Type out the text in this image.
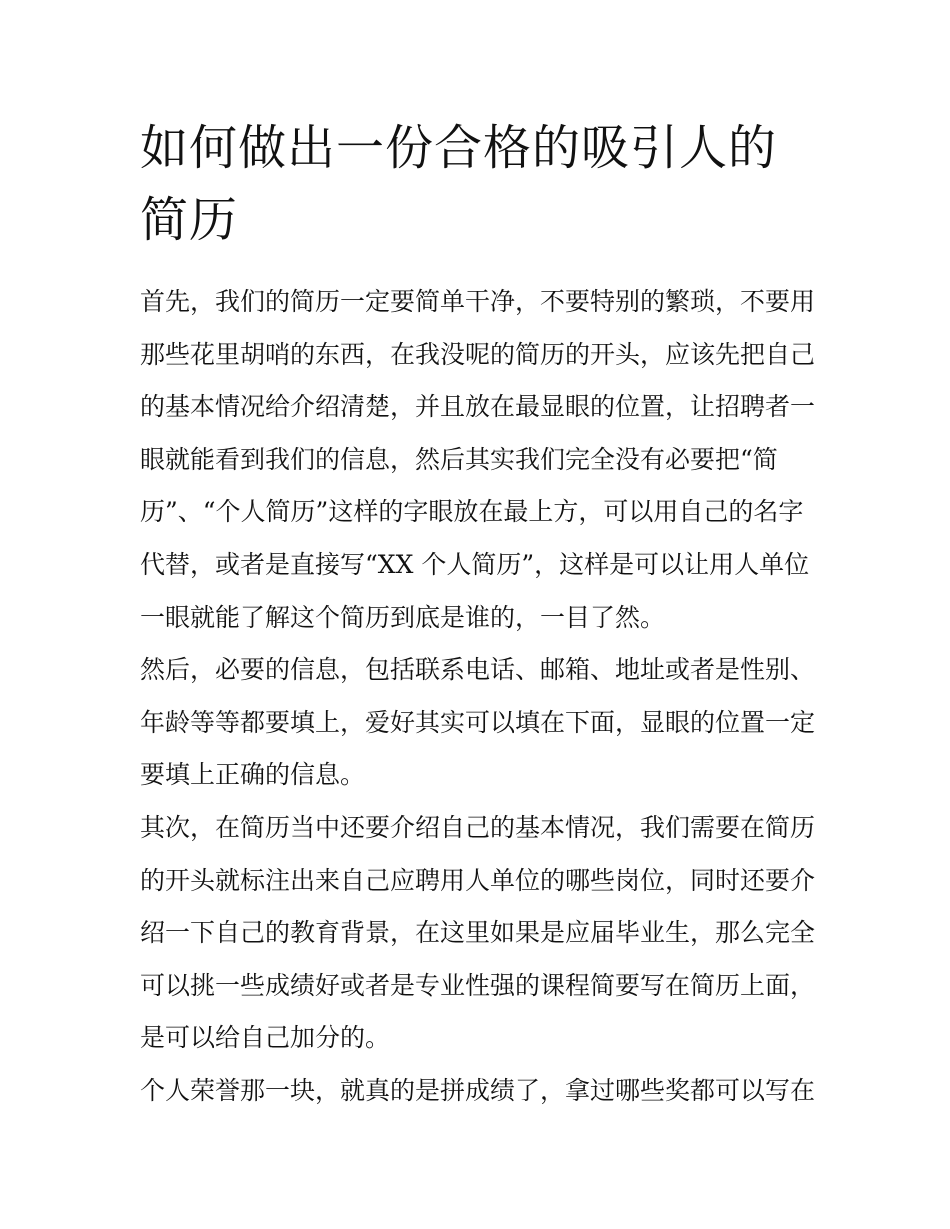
如何做出一份合格的吸引人的
简历

首先，我们的简历一定要简单干净，不要特别的繁琐，不要用
那些花里胡哨的东西，在我没呢的简历的开头，应该先把自己
的基本情况给介绍清楚，并且放在最显眼的位置，让招聘者一
眼就能看到我们的信息，然后其实我们完全没有必要把“简
历”、“个人简历”这样的字眼放在最上方，可以用自己的名字
代替，或者是直接写“XX 个人简历”，这样是可以让用人单位
一眼就能了解这个简历到底是谁的，一目了然。

然后，必要的信息，包括联系电话、邮箱、地址或者是性别、
年龄等等都要填上，爱好其实可以填在下面，显眼的位置一定
要填上正确的信息。

其次，在简历当中还要介绍自己的基本情况，我们需要在简历
的开头就标注出来自己应聘用人单位的哪些岗位，同时还要介
绍一下自己的教育背景，在这里如果是应届毕业生，那么完全
可以挑一些成绩好或者是专业性强的课程简要写在简历上面，
是可以给自己加分的。

个人荣誉那一块，就真的是拼成绩了，拿过哪些奖都可以写在
